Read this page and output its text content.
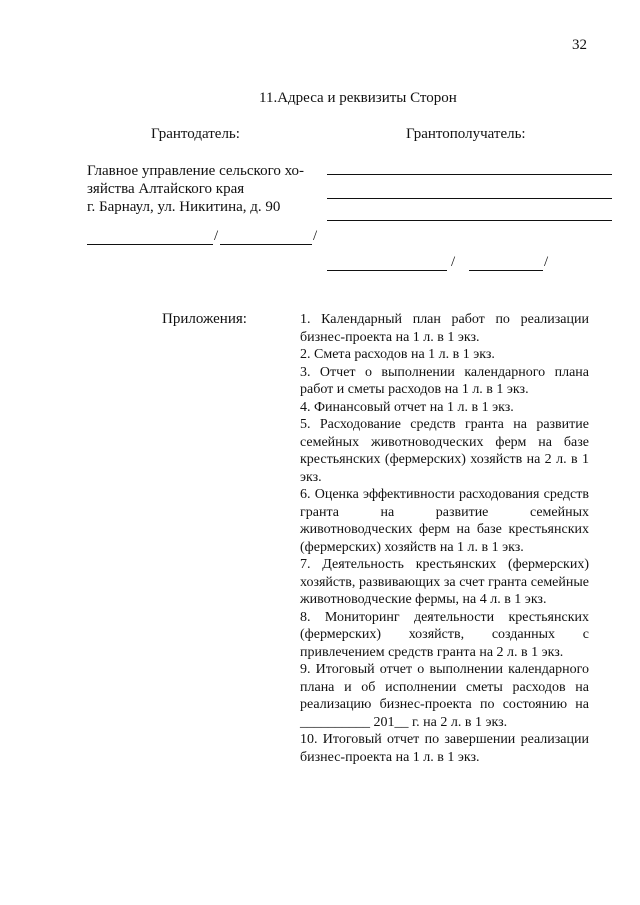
32
11.Адреса и реквизиты Сторон
Грантодатель:	Грантополучатель:
Главное управление сельского хо-
зяйства Алтайского края
г. Барнаул, ул. Никитина, д. 90
/	/
/	/
Приложения:	1. Календарный план работ по реализации бизнес-проекта на 1 л. в 1 экз.
2. Смета расходов на 1 л. в 1 экз.
3. Отчет о выполнении календарного плана работ и сметы расходов на 1 л. в 1 экз.
4. Финансовый отчет на 1 л. в 1 экз.
5. Расходование средств гранта на развитие семейных животноводческих ферм на базе крестьянских (фермерских) хозяйств на 2 л. в 1 экз.
6. Оценка эффективности расходования средств гранта на развитие семейных животноводческих ферм на базе крестьянских (фермерских) хозяйств на 1 л. в 1 экз.
7. Деятельность крестьянских (фермерских) хозяйств, развивающих за счет гранта семейные животноводческие фермы, на 4 л. в 1 экз.
8. Мониторинг деятельности крестьянских (фермерских) хозяйств, созданных с привлечением средств гранта на 2 л. в 1 экз.
9. Итоговый отчет о выполнении календарного плана и об исполнении сметы расходов на реализацию бизнес-проекта по состоянию на __________ 201__ г. на 2 л. в 1 экз.
10. Итоговый отчет по завершении реализации бизнес-проекта на 1 л. в 1 экз.
